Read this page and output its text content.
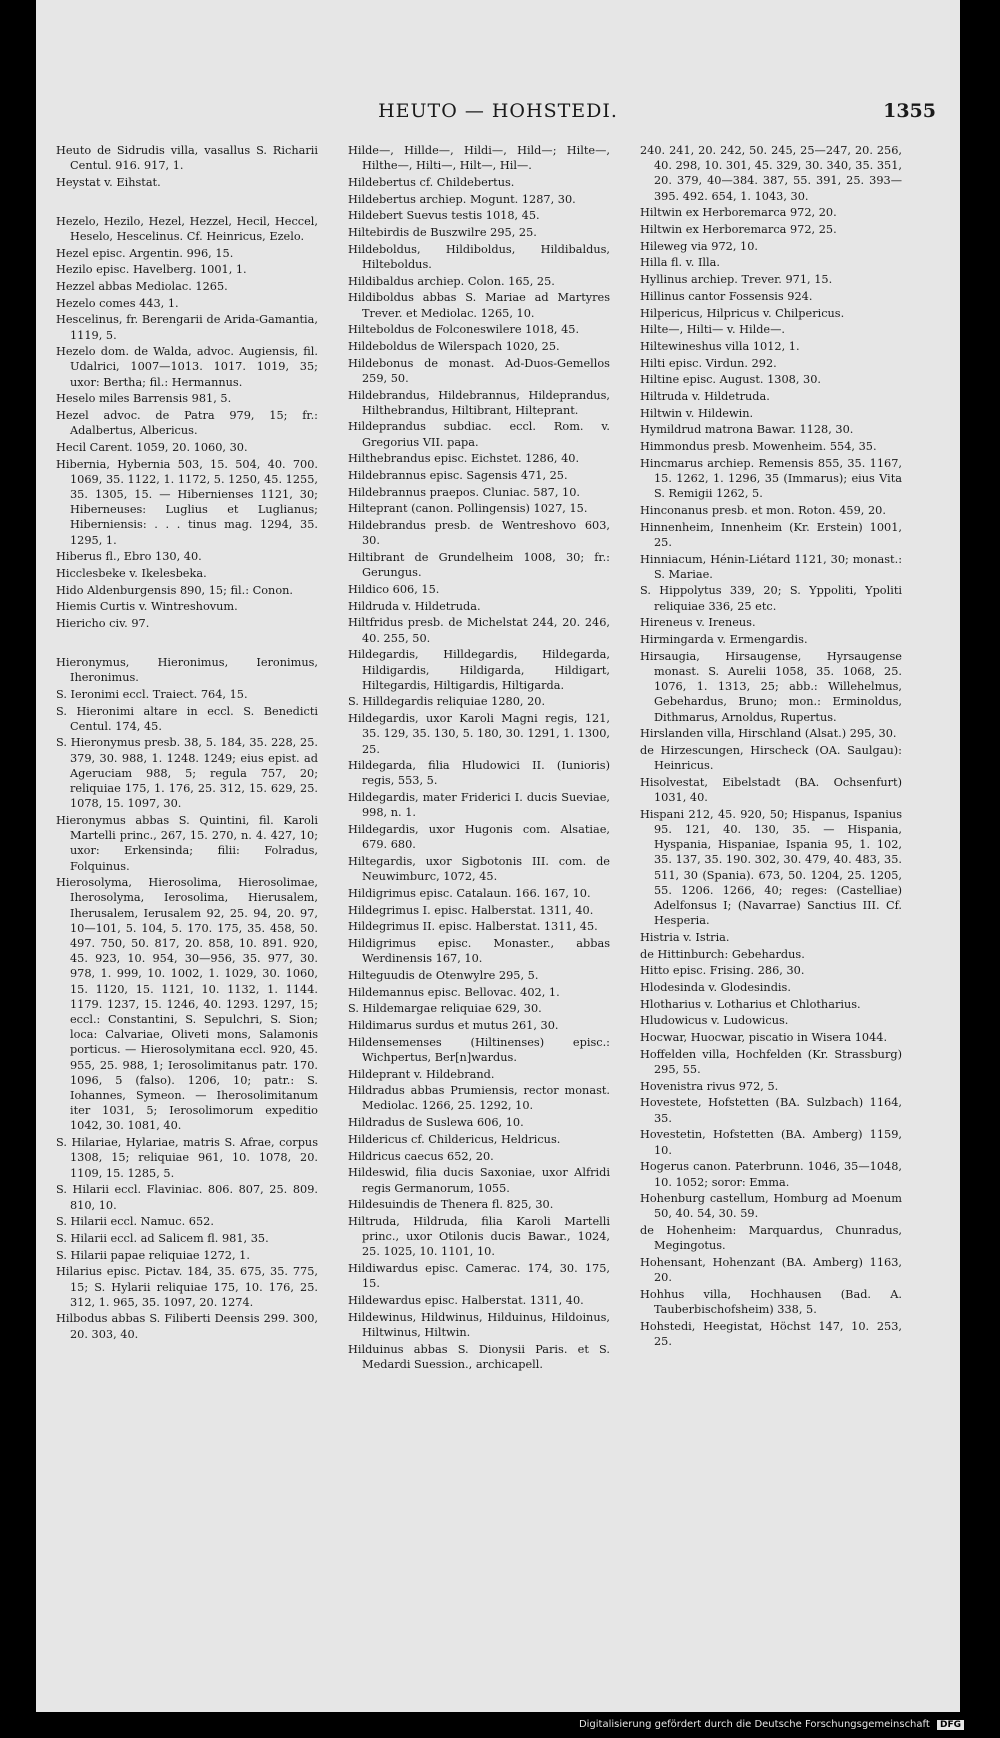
HEUTO — HOHSTEDI.	1355
Heuto de Sidrudis villa, vasallus S. Richarii Centul. 916. 917, 1.
Heystat v. Eihstat.
Hezelo, Hezilo, Hezel, Hezzel, Hecil, Heccel, Heselo, Hescelinus. Cf. Heinricus, Ezelo.
Hezel episc. Argentin. 996, 15.
Hezilo episc. Havelberg. 1001, 1.
Hezzel abbas Mediolac. 1265.
Hezelo comes 443, 1.
Hescelinus, fr. Berengarii de Arida-Gamantia, 1119, 5.
Hezelo dom. de Walda, advoc. Augiensis, fil. Udalrici, 1007—1013. 1017. 1019, 35; uxor: Bertha; fil.: Hermannus.
Heselo miles Barrensis 981, 5.
Hezel advoc. de Patra 979, 15; fr.: Adalbertus, Albericus.
Hecil Carent. 1059, 20. 1060, 30.
Hibernia, Hybernia 503, 15. 504, 40. 700. 1069, 35. 1122, 1. 1172, 5. 1250, 45. 1255, 35. 1305, 15. — Hibernienses 1121, 30; Hiberneuses: Luglius et Luglianus; Hiberniensis: . . . tinus mag. 1294, 35. 1295, 1.
Hiberus fl., Ebro 130, 40.
Hicclesbeke v. Ikelesbeka.
Hido Aldenburgensis 890, 15; fil.: Conon.
Hiemis Curtis v. Wintreshovum.
Hiericho civ. 97.
Hieronymus, Hieronimus, Ieronimus, Iheronimus.
S. Ieronimi eccl. Traiect. 764, 15.
S. Hieronimi altare in eccl. S. Benedicti Centul. 174, 45.
S. Hieronymus presb. 38, 5. 184, 35. 228, 25. 379, 30. 988, 1. 1248. 1249; eius epist. ad Ageruciam 988, 5; regula 757, 20; reliquiae 175, 1. 176, 25. 312, 15. 629, 25. 1078, 15. 1097, 30.
Hieronymus abbas S. Quintini, fil. Karoli Martelli princ., 267, 15. 270, n. 4. 427, 10; uxor: Erkensinda; filii: Folradus, Folquinus.
Hierosolyma, Hierosolima, Hierosolimae, Iherosolyma, Ierosolima, Hierusalem, Iherusalem, Ierusalem 92, 25. 94, 20. 97, 10—101, 5. 104, 5. 170. 175, 35. 458, 50. 497. 750, 50. 817, 20. 858, 10. 891. 920, 45. 923, 10. 954, 30—956, 35. 977, 30. 978, 1. 999, 10. 1002, 1. 1029, 30. 1060, 15. 1120, 15. 1121, 10. 1132, 1. 1144. 1179. 1237, 15. 1246, 40. 1293. 1297, 15; eccl.: Constantini, S. Sepulchri, S. Sion; loca: Calvariae, Oliveti mons, Salamonis porticus. — Hierosolymitana eccl. 920, 45. 955, 25. 988, 1; Ierosolimitanus patr. 170. 1096, 5 (falso). 1206, 10; patr.: S. Iohannes, Symeon. — Iherosolimitanum iter 1031, 5; Ierosolimorum expeditio 1042, 30. 1081, 40.
S. Hilariae, Hylariae, matris S. Afrae, corpus 1308, 15; reliquiae 961, 10. 1078, 20. 1109, 15. 1285, 5.
S. Hilarii eccl. Flaviniac. 806. 807, 25. 809. 810, 10.
S. Hilarii eccl. Namuc. 652.
S. Hilarii eccl. ad Salicem fl. 981, 35.
S. Hilarii papae reliquiae 1272, 1.
Hilarius episc. Pictav. 184, 35. 675, 35. 775, 15; S. Hylarii reliquiae 175, 10. 176, 25. 312, 1. 965, 35. 1097, 20. 1274.
Hilbodus abbas S. Filiberti Deensis 299. 300, 20. 303, 40.
Hilde—, Hillde—, Hildi—, Hild—; Hilte—, Hilthe—, Hilti—, Hilt—, Hil—.
Hildebertus cf. Childebertus.
Hildebertus archiep. Mogunt. 1287, 30.
Hildebert Suevus testis 1018, 45.
Hiltebirdis de Buszwilre 295, 25.
Hildeboldus, Hildiboldus, Hildibaldus, Hilteboldus.
Hildibaldus archiep. Colon. 165, 25.
Hildiboldus abbas S. Mariae ad Martyres Trever. et Mediolac. 1265, 10.
Hilteboldus de Folconeswilere 1018, 45.
Hildeboldus de Wilerspach 1020, 25.
Hildebonus de monast. Ad-Duos-Gemellos 259, 50.
Hildebrandus, Hildebrannus, Hildeprandus, Hilthebrandus, Hiltibrant, Hilteprant.
Hildeprandus subdiac. eccl. Rom. v. Gregorius VII. papa.
Hilthebrandus episc. Eichstet. 1286, 40.
Hildebrannus episc. Sagensis 471, 25.
Hildebrannus praepos. Cluniac. 587, 10.
Hilteprant (canon. Pollingensis) 1027, 15.
Hildebrandus presb. de Wentreshovo 603, 30.
Hiltibrant de Grundelheim 1008, 30; fr.: Gerungus.
Hildico 606, 15.
Hildruda v. Hildetruda.
Hiltfridus presb. de Michelstat 244, 20. 246, 40. 255, 50.
Hildegardis, Hilldegardis, Hildegarda, Hildigardis, Hildigarda, Hildigart, Hiltegardis, Hiltigardis, Hiltigarda.
S. Hilldegardis reliquiae 1280, 20.
Hildegardis, uxor Karoli Magni regis, 121, 35. 129, 35. 130, 5. 180, 30. 1291, 1. 1300, 25.
Hildegarda, filia Hludowici II. (Iunioris) regis, 553, 5.
Hildegardis, mater Friderici I. ducis Sueviae, 998, n. 1.
Hildegardis, uxor Hugonis com. Alsatiae, 679. 680.
Hiltegardis, uxor Sigbotonis III. com. de Neuwimburc, 1072, 45.
Hildigrimus episc. Catalaun. 166. 167, 10.
Hildegrimus I. episc. Halberstat. 1311, 40.
Hildegrimus II. episc. Halberstat. 1311, 45.
Hildigrimus episc. Monaster., abbas Werdinensis 167, 10.
Hilteguudis de Otenwylre 295, 5.
Hildemannus episc. Bellovac. 402, 1.
S. Hildemargae reliquiae 629, 30.
Hildimarus surdus et mutus 261, 30.
Hildensemenses (Hiltinenses) episc.: Wichpertus, Ber[n]wardus.
Hildeprant v. Hildebrand.
Hildradus abbas Prumiensis, rector monast. Mediolac. 1266, 25. 1292, 10.
Hildradus de Suslewa 606, 10.
Hildericus cf. Childericus, Heldricus.
Hildricus caecus 652, 20.
Hildeswid, filia ducis Saxoniae, uxor Alfridi regis Germanorum, 1055.
Hildesuindis de Thenera fl. 825, 30.
Hiltruda, Hildruda, filia Karoli Martelli princ., uxor Otilonis ducis Bawar., 1024, 25. 1025, 10. 1101, 10.
Hildiwardus episc. Camerac. 174, 30. 175, 15.
Hildewardus episc. Halberstat. 1311, 40.
Hildewinus, Hildwinus, Hilduinus, Hildoinus, Hiltwinus, Hiltwin.
Hilduinus abbas S. Dionysii Paris. et S. Medardi Suession., archicapell.
240. 241, 20. 242, 50. 245, 25—247, 20. 256, 40. 298, 10. 301, 45. 329, 30. 340, 35. 351, 20. 379, 40—384. 387, 55. 391, 25. 393—395. 492. 654, 1. 1043, 30.
Hiltwin ex Herboremarca 972, 20.
Hiltwin ex Herboremarca 972, 25.
Hileweg via 972, 10.
Hilla fl. v. Illa.
Hyllinus archiep. Trever. 971, 15.
Hillinus cantor Fossensis 924.
Hilpericus, Hilpricus v. Chilpericus.
Hilte—, Hilti— v. Hilde—.
Hiltewineshus villa 1012, 1.
Hilti episc. Virdun. 292.
Hiltine episc. August. 1308, 30.
Hiltruda v. Hildetruda.
Hiltwin v. Hildewin.
Hymildrud matrona Bawar. 1128, 30.
Himmondus presb. Mowenheim. 554, 35.
Hincmarus archiep. Remensis 855, 35. 1167, 15. 1262, 1. 1296, 35 (Immarus); eius Vita S. Remigii 1262, 5.
Hinconanus presb. et mon. Roton. 459, 20.
Hinnenheim, Innenheim (Kr. Erstein) 1001, 25.
Hinniacum, Hénin-Liétard 1121, 30; monast.: S. Mariae.
S. Hippolytus 339, 20; S. Yppoliti, Ypoliti reliquiae 336, 25 etc.
Hireneus v. Ireneus.
Hirmingarda v. Ermengardis.
Hirsaugia, Hirsaugense, Hyrsaugense monast. S. Aurelii 1058, 35. 1068, 25. 1076, 1. 1313, 25; abb.: Willehelmus, Gebehardus, Bruno; mon.: Erminoldus, Dithmarus, Arnoldus, Rupertus.
Hirslanden villa, Hirschland (Alsat.) 295, 30.
de Hirzescungen, Hirscheck (OA. Saulgau): Heinricus.
Hisolvestat, Eibelstadt (BA. Ochsenfurt) 1031, 40.
Hispani 212, 45. 920, 50; Hispanus, Ispanius 95. 121, 40. 130, 35. — Hispania, Hyspania, Hispaniae, Ispania 95, 1. 102, 35. 137, 35. 190. 302, 30. 479, 40. 483, 35. 511, 30 (Spania). 673, 50. 1204, 25. 1205, 55. 1206. 1266, 40; reges: (Castelliae) Adelfonsus I; (Navarrae) Sanctius III. Cf. Hesperia.
Histria v. Istria.
de Hittinburch: Gebehardus.
Hitto episc. Frising. 286, 30.
Hlodesinda v. Glodesindis.
Hlotharius v. Lotharius et Chlotharius.
Hludowicus v. Ludowicus.
Hocwar, Huocwar, piscatio in Wisera 1044.
Hoffelden villa, Hochfelden (Kr. Strassburg) 295, 55.
Hovenistra rivus 972, 5.
Hovestete, Hofstetten (BA. Sulzbach) 1164, 35.
Hovestetin, Hofstetten (BA. Amberg) 1159, 10.
Hogerus canon. Paterbrunn. 1046, 35—1048, 10. 1052; soror: Emma.
Hohenburg castellum, Homburg ad Moenum 50, 40. 54, 30. 59.
de Hohenheim: Marquardus, Chunradus, Megingotus.
Hohensant, Hohenzant (BA. Amberg) 1163, 20.
Hohhus villa, Hochhausen (Bad. A. Tauberbischofsheim) 338, 5.
Hohstedi, Heegistat, Höchst 147, 10. 253, 25.
Digitalisierung gefördert durch die Deutsche Forschungsgemeinschaft DFG
